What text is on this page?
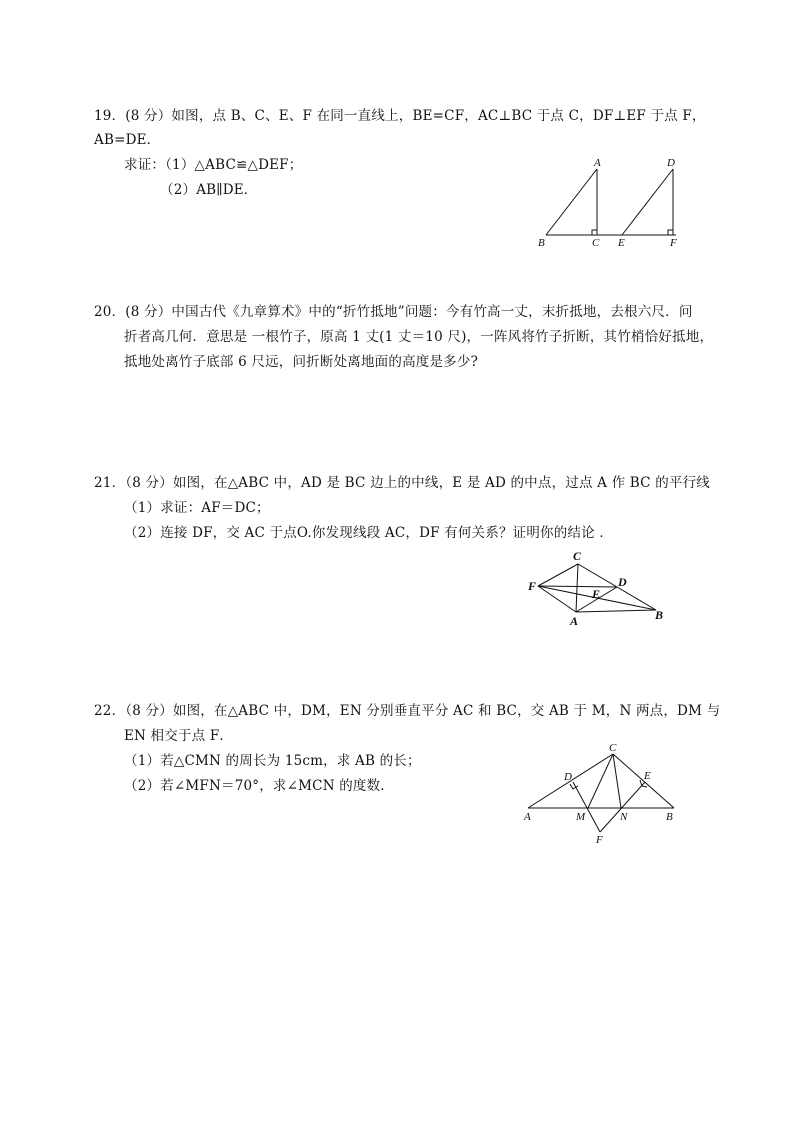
19．(8 分）如图，点 B、C、E、F 在同一直线上，BE=CF，AC⊥BC 于点 C，DF⊥EF 于点 F，
AB=DE．
求证：（1）△ABC≌△DEF；
（2）AB∥DE．
A	D
B	C E	F
20．(8 分）中国古代《九章算术》中的“折竹抵地”问题：今有竹高一丈，末折抵地，去根六尺．问
折者高几何．意思是 一根竹子，原高 1 丈(1 丈＝10 尺)，一阵风将竹子折断，其竹梢恰好抵地，
抵地处离竹子底部 6 尺远，问折断处离地面的高度是多少?
21．（8 分）如图，在△ABC 中，AD 是 BC 边上的中线，E 是 AD 的中点，过点 A 作 BC 的平行线
（1）求证：AF＝DC；
（2）连接 DF，交 AC 于点O.你发现线段 AC，DF 有何关系？证明你的结论 ．
C
F	D
E
A	B
22．（8 分）如图，在△ABC 中，DM，EN 分别垂直平分 AC 和 BC，交 AB 于 M，N 两点，DM 与
EN 相交于点 F．
（1）若△CMN 的周长为 15cm，求 AB 的长；
（2）若∠MFN＝70°，求∠MCN 的度数．
C
D	E
A	M	N	B
F
